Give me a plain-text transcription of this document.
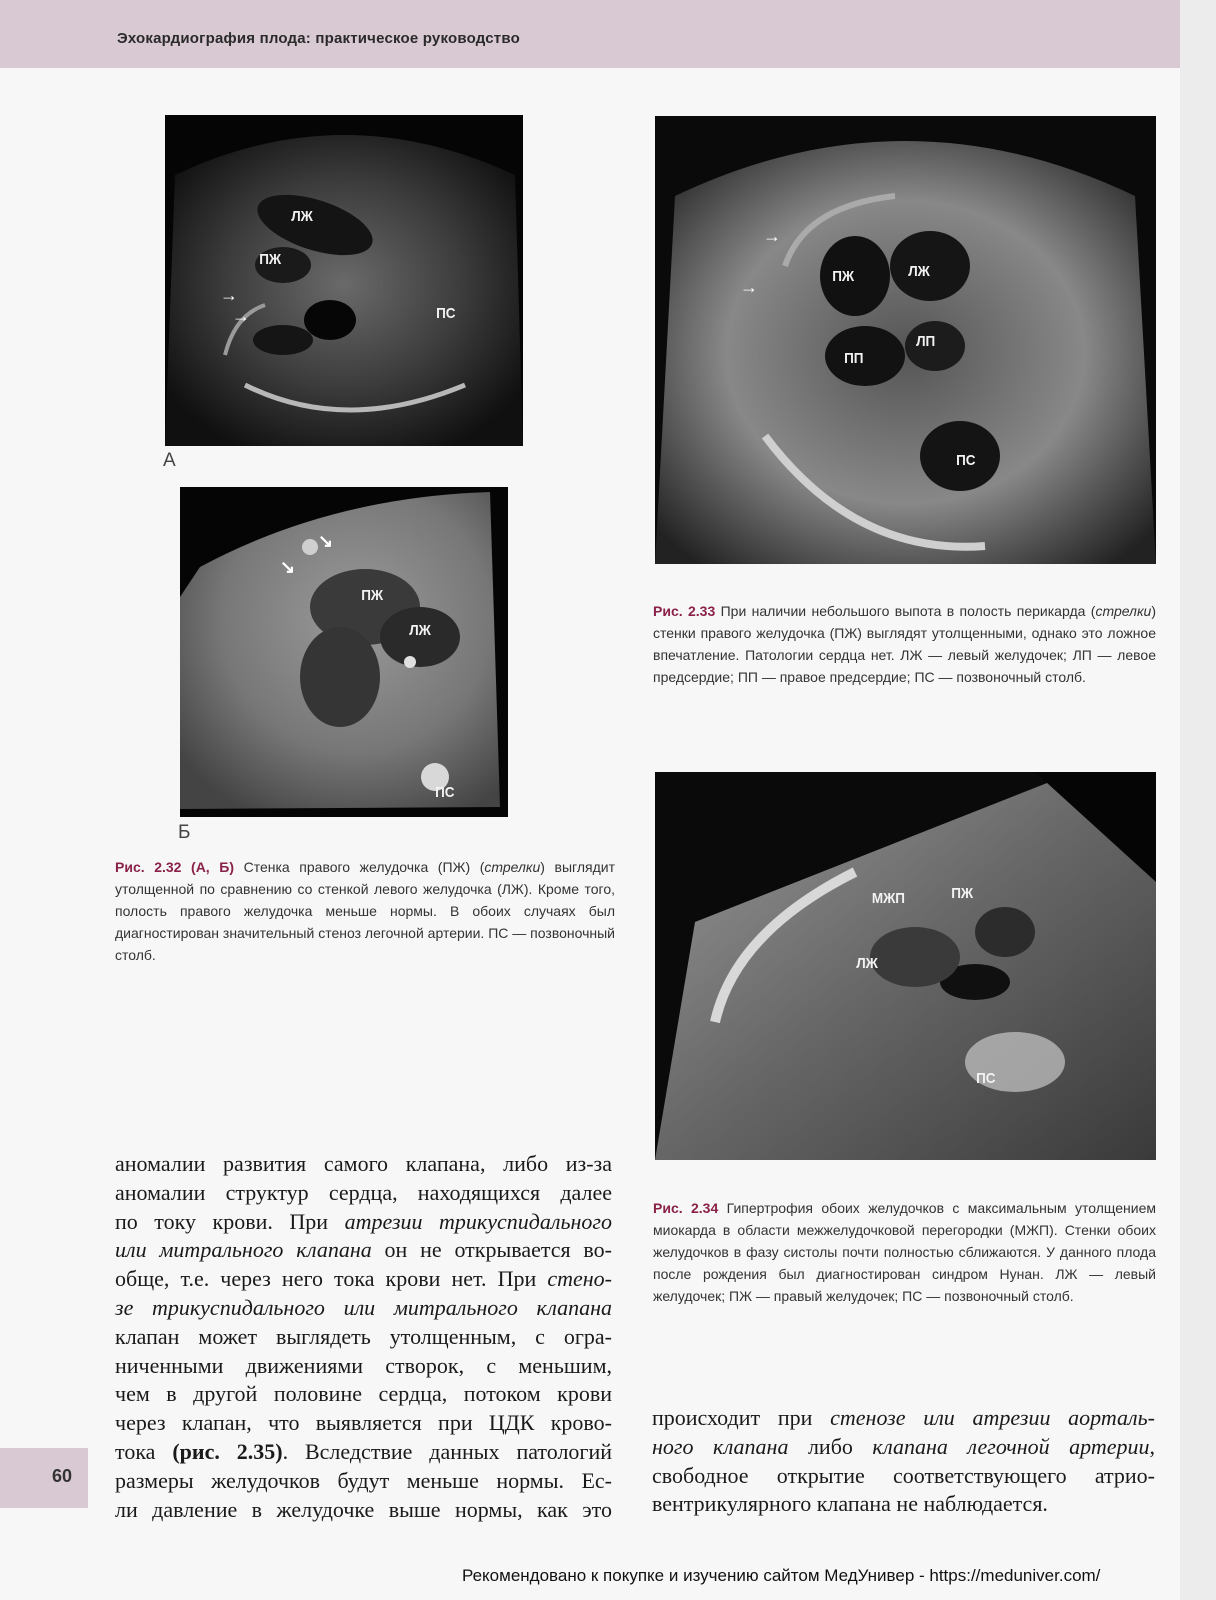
Эхокардиография плода: практическое руководство
ЛЖ
ПЖ
ПС
→
→
А
ПЖ
ЛЖ
ПС
↘
↘
Б
Рис. 2.32 (А, Б) Стенка правого желудочка (ПЖ) (стрелки) выглядит утолщенной по сравнению со стенкой левого желудочка (ЛЖ). Кроме того, полость правого желудочка меньше нормы. В обоих случаях был диагностирован значительный стеноз легочной артерии. ПС — позвоночный столб.
ПЖ	ЛЖ
ЛП
ПП
ПС
→
→
Рис. 2.33 При наличии небольшого выпота в полость перикарда (стрелки) стенки правого желудочка (ПЖ) выглядят утолщенными, однако это ложное впечатление. Патологии сердца нет. ЛЖ — левый желудочек; ЛП — левое предсердие; ПП — правое предсердие; ПС — позвоночный столб.
МЖП	ПЖ
ЛЖ
ПС
Рис. 2.34 Гипертрофия обоих желудочков с максимальным утолщением миокарда в области межжелудочковой перегородки (МЖП). Стенки обоих желудочков в фазу систолы почти полностью сближаются. У данного плода после рождения был диагностирован синдром Нунан. ЛЖ — левый желудочек; ПЖ — правый желудочек; ПС — позвоночный столб.
аномалии развития самого клапана, либо из-за
аномалии структур сердца, находящихся далее
по току крови. При атрезии трикуспидального
или митрального клапана он не открывается во-
обще, т.е. через него тока крови нет. При стено-
зе трикуспидального или митрального клапана
клапан может выглядеть утолщенным, с огра-
ниченными движениями створок, с меньшим,
чем в другой половине сердца, потоком крови
через клапан, что выявляется при ЦДК крово-
тока (рис. 2.35). Вследствие данных патологий
размеры желудочков будут меньше нормы. Ес-
ли давление в желудочке выше нормы, как это
происходит при стенозе или атрезии аорталь-
ного клапана либо клапана легочной артерии,
свободное открытие соответствующего атрио-
вентрикулярного клапана не наблюдается.
60
Рекомендовано к покупке и изучению сайтом МедУнивер - https://meduniver.com/
